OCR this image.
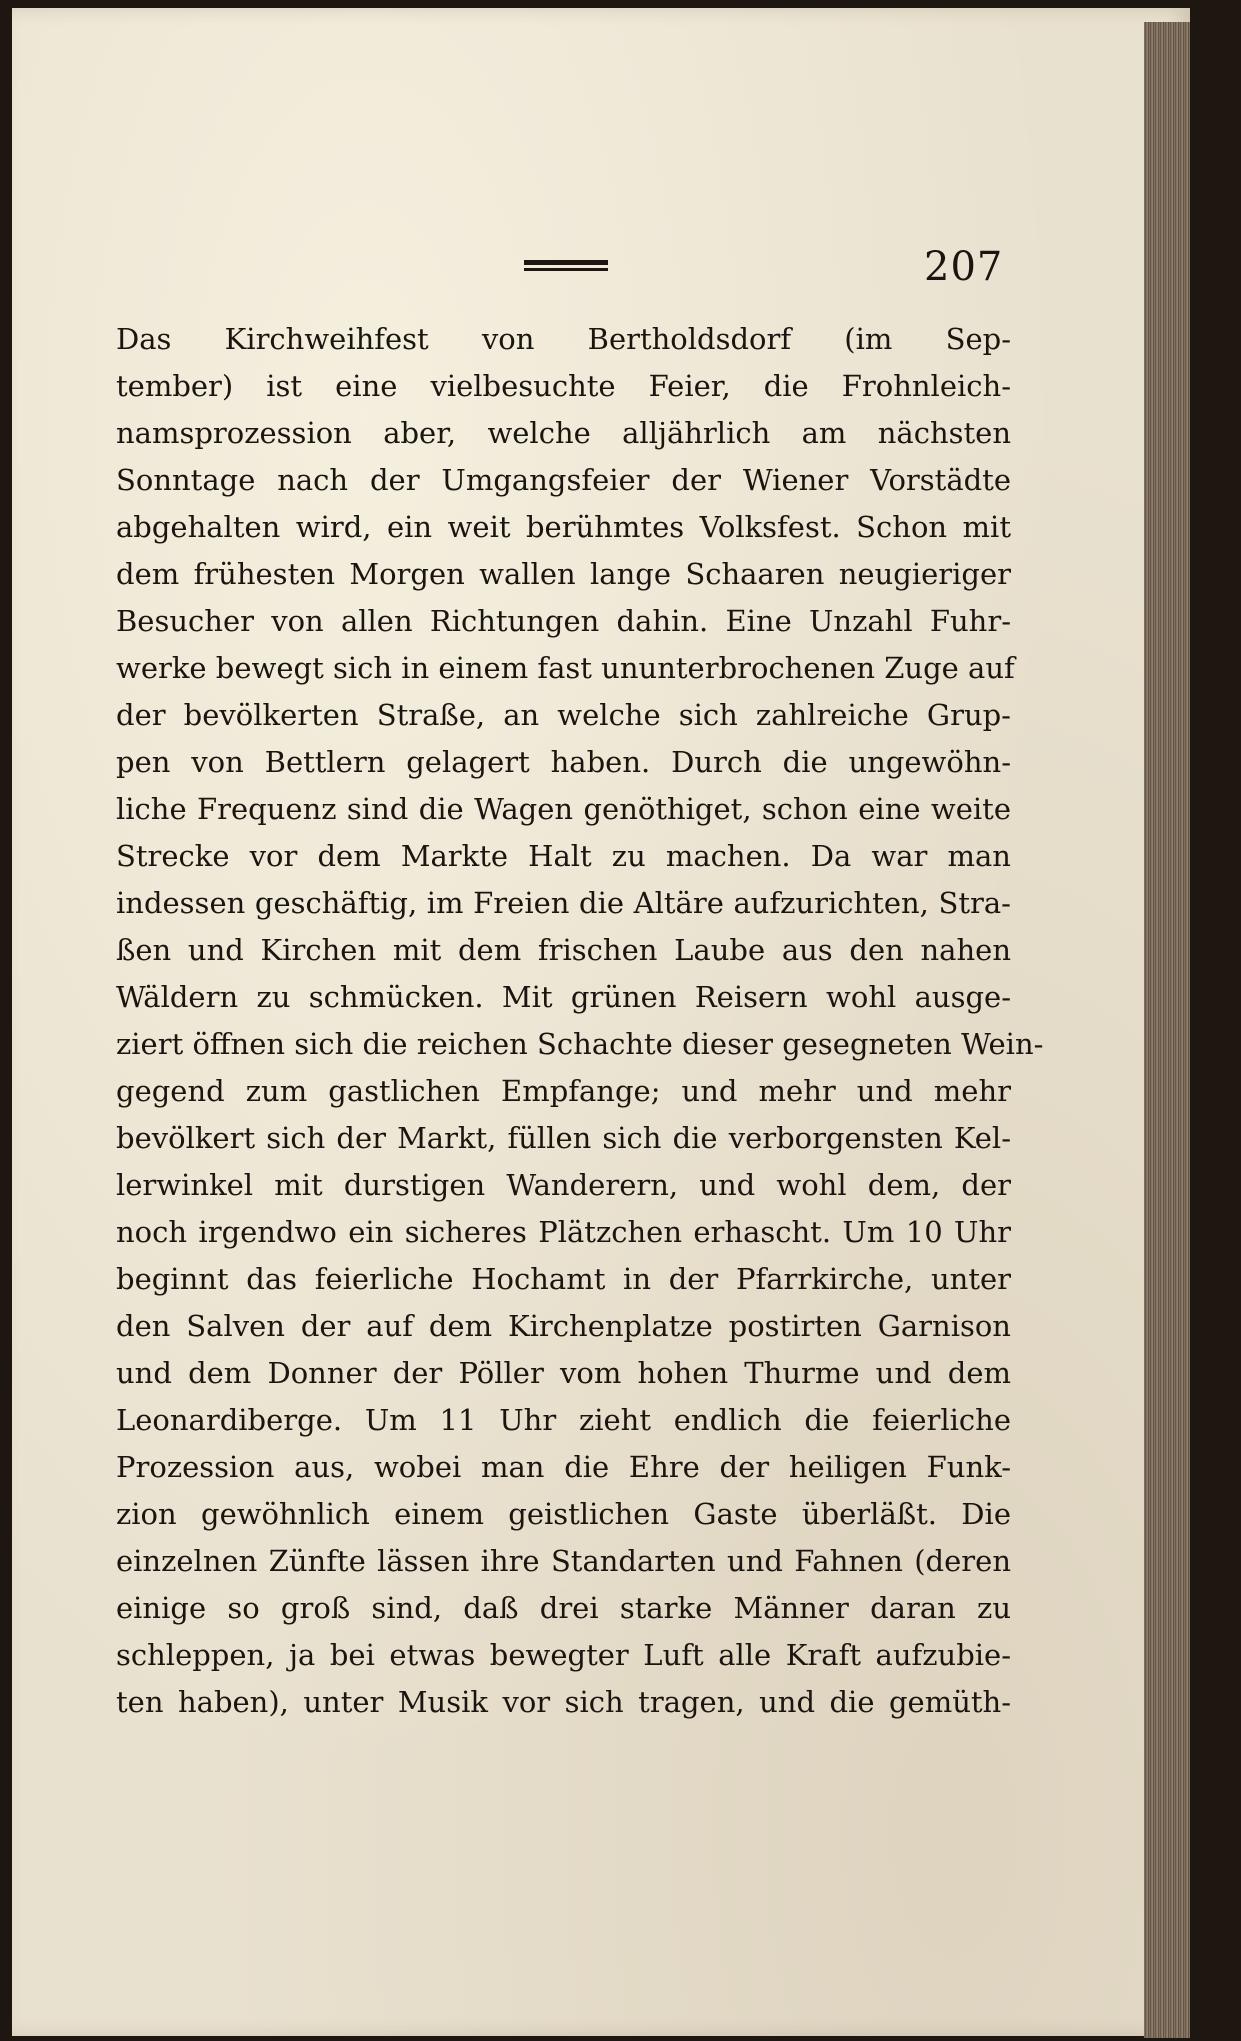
207
Das Kirchweihfest von Bertholdsdorf (im Sep-
tember) ist eine vielbesuchte Feier, die Frohnleich-
namsprozession aber, welche alljährlich am nächsten
Sonntage nach der Umgangsfeier der Wiener Vorstädte
abgehalten wird, ein weit berühmtes Volksfest. Schon mit
dem frühesten Morgen wallen lange Schaaren neugieriger
Besucher von allen Richtungen dahin. Eine Unzahl Fuhr-
werke bewegt sich in einem fast ununterbrochenen Zuge auf
der bevölkerten Straße, an welche sich zahlreiche Grup-
pen von Bettlern gelagert haben. Durch die ungewöhn-
liche Frequenz sind die Wagen genöthiget, schon eine weite
Strecke vor dem Markte Halt zu machen. Da war man
indessen geschäftig, im Freien die Altäre aufzurichten, Stra-
ßen und Kirchen mit dem frischen Laube aus den nahen
Wäldern zu schmücken. Mit grünen Reisern wohl ausge-
ziert öffnen sich die reichen Schachte dieser gesegneten Wein-
gegend zum gastlichen Empfange; und mehr und mehr
bevölkert sich der Markt, füllen sich die verborgensten Kel-
lerwinkel mit durstigen Wanderern, und wohl dem, der
noch irgendwo ein sicheres Plätzchen erhascht. Um 10 Uhr
beginnt das feierliche Hochamt in der Pfarrkirche, unter
den Salven der auf dem Kirchenplatze postirten Garnison
und dem Donner der Pöller vom hohen Thurme und dem
Leonardiberge. Um 11 Uhr zieht endlich die feierliche
Prozession aus, wobei man die Ehre der heiligen Funk-
zion gewöhnlich einem geistlichen Gaste überläßt. Die
einzelnen Zünfte lässen ihre Standarten und Fahnen (deren
einige so groß sind, daß drei starke Männer daran zu
schleppen, ja bei etwas bewegter Luft alle Kraft aufzubie-
ten haben), unter Musik vor sich tragen, und die gemüth-
